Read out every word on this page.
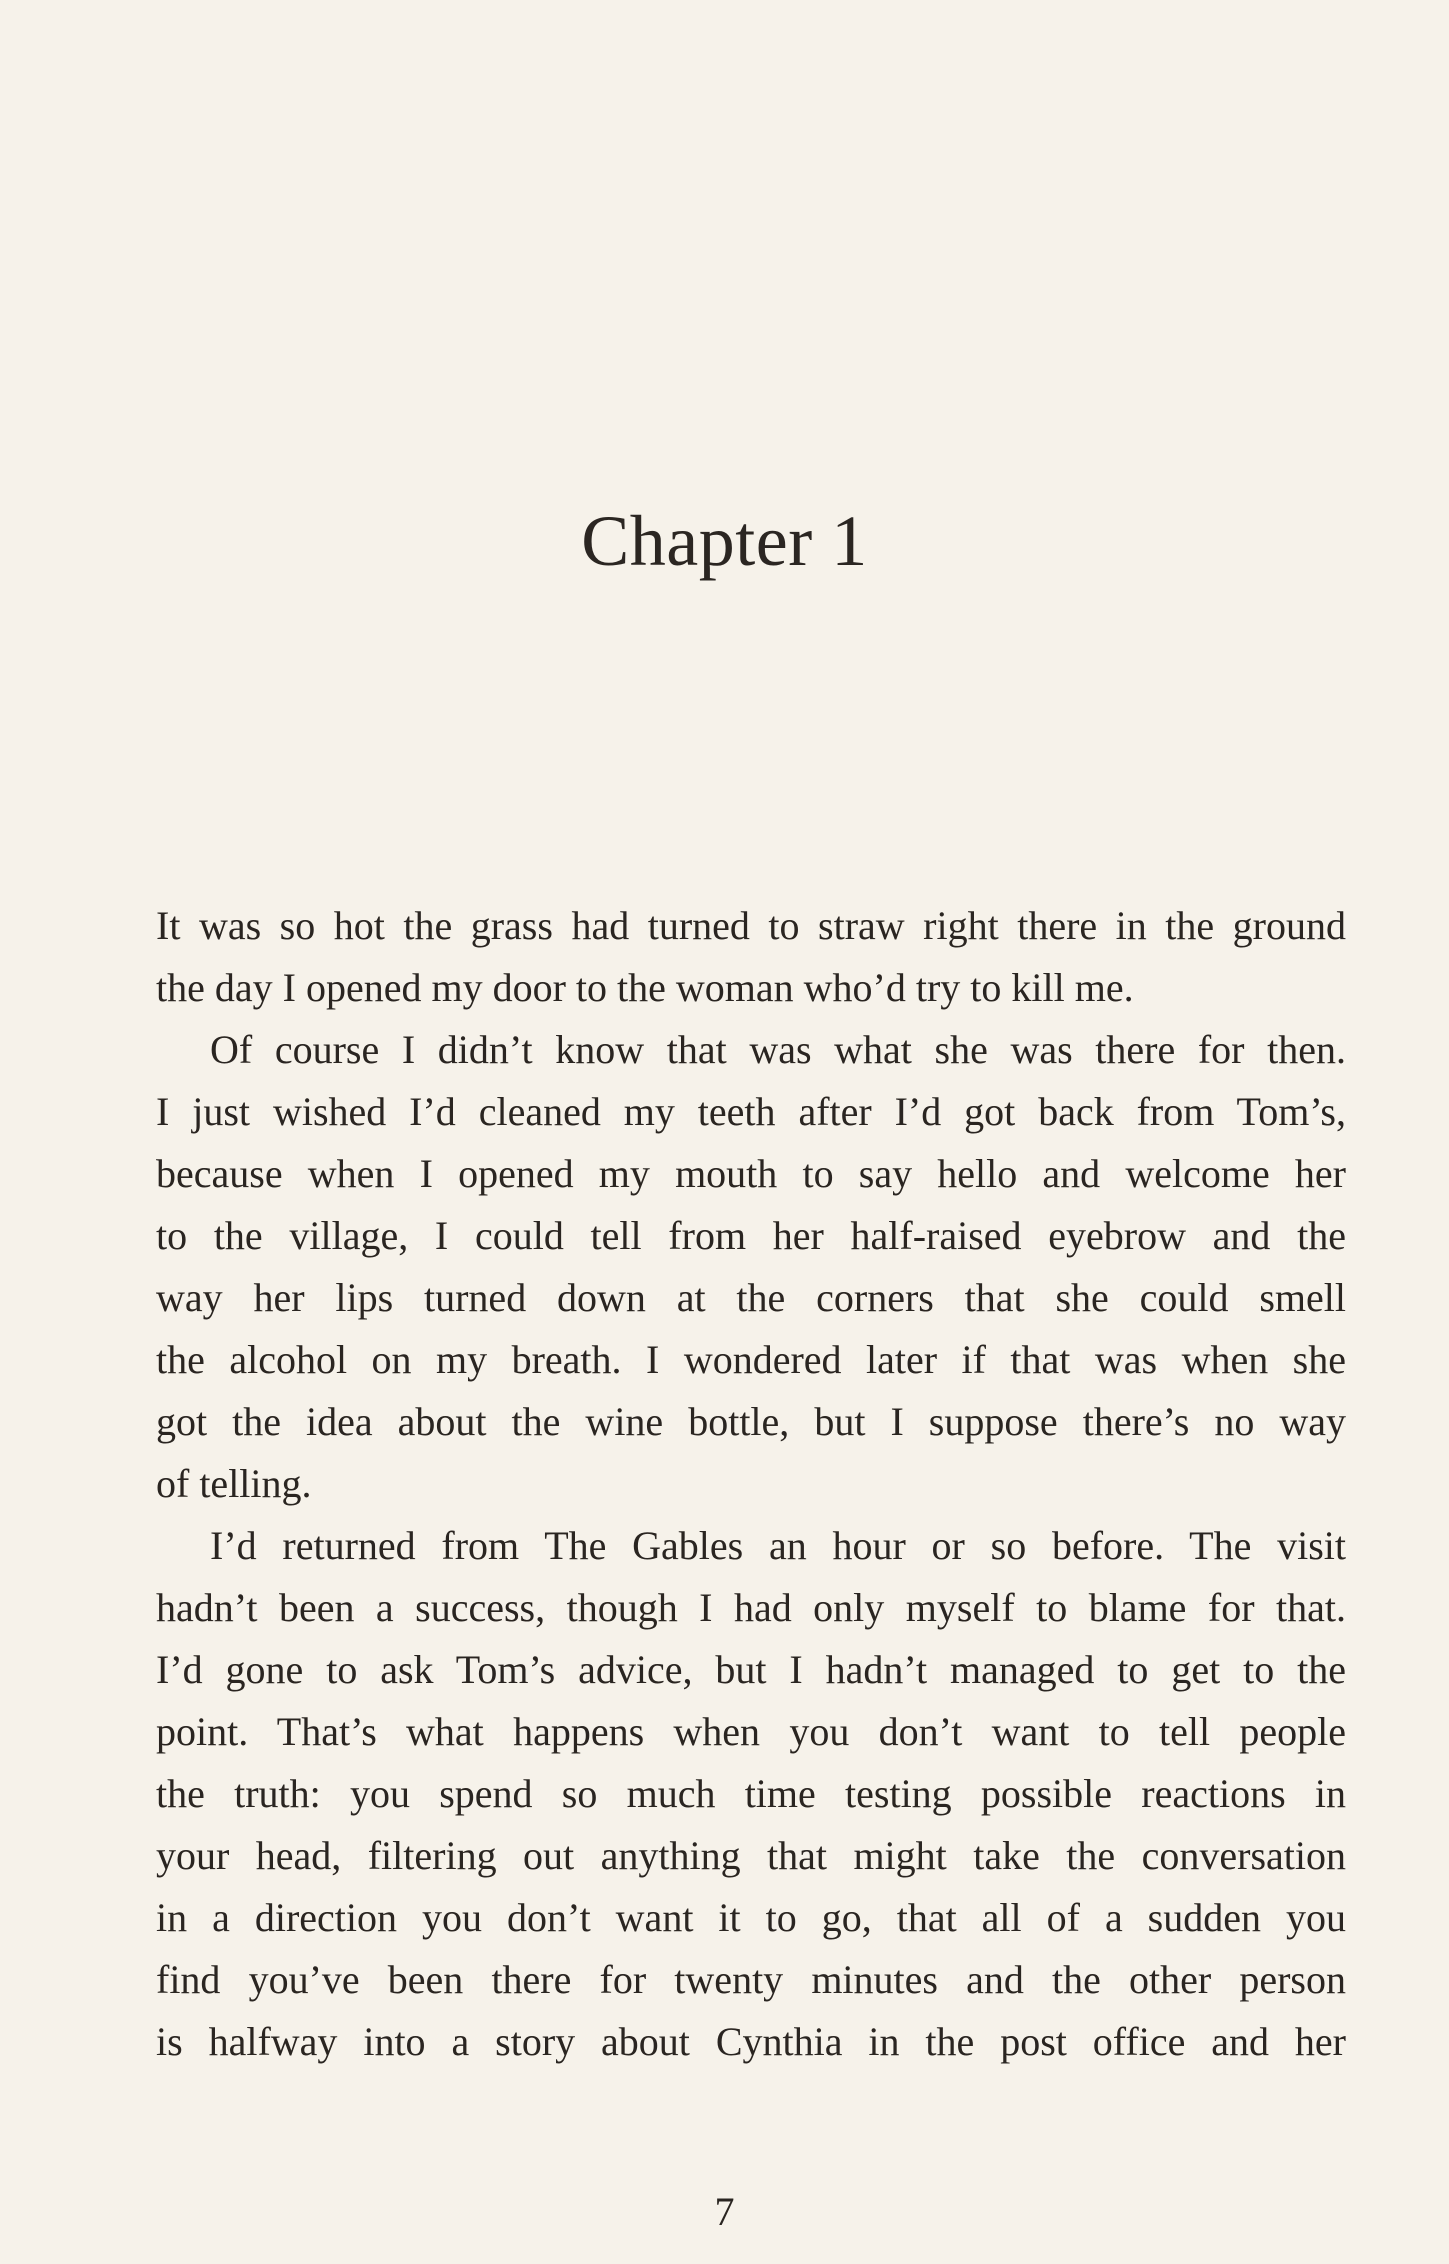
Chapter 1
It was so hot the grass had turned to straw right there in the ground
the day I opened my door to the woman who’d try to kill me.
Of course I didn’t know that was what she was there for then.
I just wished I’d cleaned my teeth after I’d got back from Tom’s,
because when I opened my mouth to say hello and welcome her
to the village, I could tell from her half-raised eyebrow and the
way her lips turned down at the corners that she could smell
the alcohol on my breath. I wondered later if that was when she
got the idea about the wine bottle, but I suppose there’s no way
of telling.
I’d returned from The Gables an hour or so before. The visit
hadn’t been a success, though I had only myself to blame for that.
I’d gone to ask Tom’s advice, but I hadn’t managed to get to the
point. That’s what happens when you don’t want to tell people
the truth: you spend so much time testing possible reactions in
your head, filtering out anything that might take the conversation
in a direction you don’t want it to go, that all of a sudden you
find you’ve been there for twenty minutes and the other person
is halfway into a story about Cynthia in the post office and her
7
